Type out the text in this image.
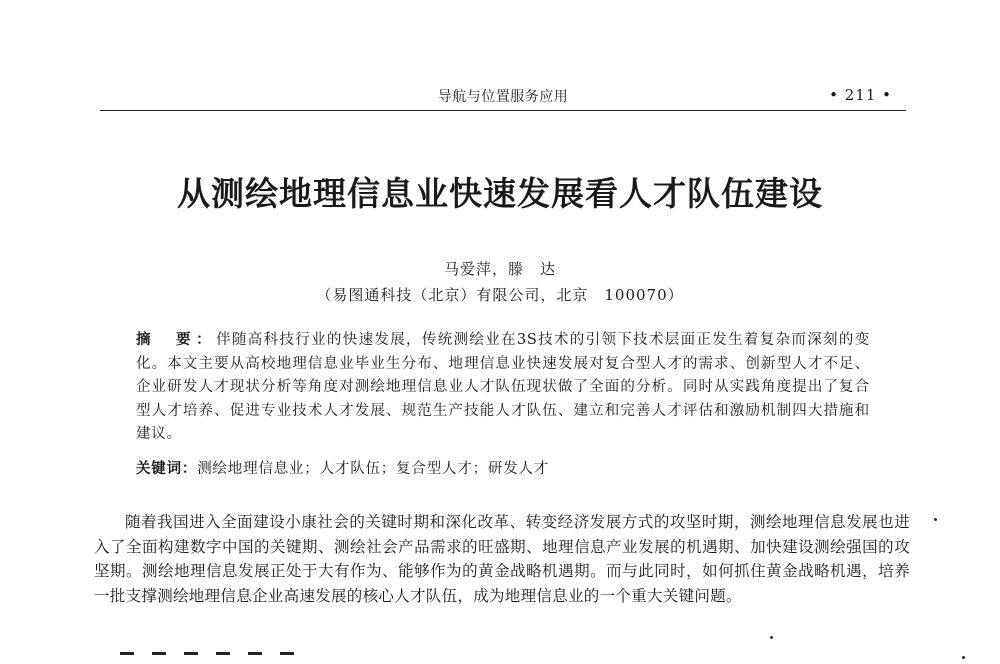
导航与位置服务应用	• 211 •
从测绘地理信息业快速发展看人才队伍建设
马爱萍，滕　达
（易图通科技（北京）有限公司，北京　100070）
摘　要：伴随高科技行业的快速发展，传统测绘业在3S技术的引领下技术层面正发生着复杂而深刻的变化。本文主要从高校地理信息业毕业生分布、地理信息业快速发展对复合型人才的需求、创新型人才不足、企业研发人才现状分析等角度对测绘地理信息业人才队伍现状做了全面的分析。同时从实践角度提出了复合型人才培养、促进专业技术人才发展、规范生产技能人才队伍、建立和完善人才评估和激励机制四大措施和建议。
关键词：测绘地理信息业；人才队伍；复合型人才；研发人才
随着我国进入全面建设小康社会的关键时期和深化改革、转变经济发展方式的攻坚时期，测绘地理信息发展也进入了全面构建数字中国的关键期、测绘社会产品需求的旺盛期、地理信息产业发展的机遇期、加快建设测绘强国的攻坚期。测绘地理信息发展正处于大有作为、能够作为的黄金战略机遇期。而与此同时，如何抓住黄金战略机遇，培养一批支撑测绘地理信息企业高速发展的核心人才队伍，成为地理信息业的一个重大关键问题。
